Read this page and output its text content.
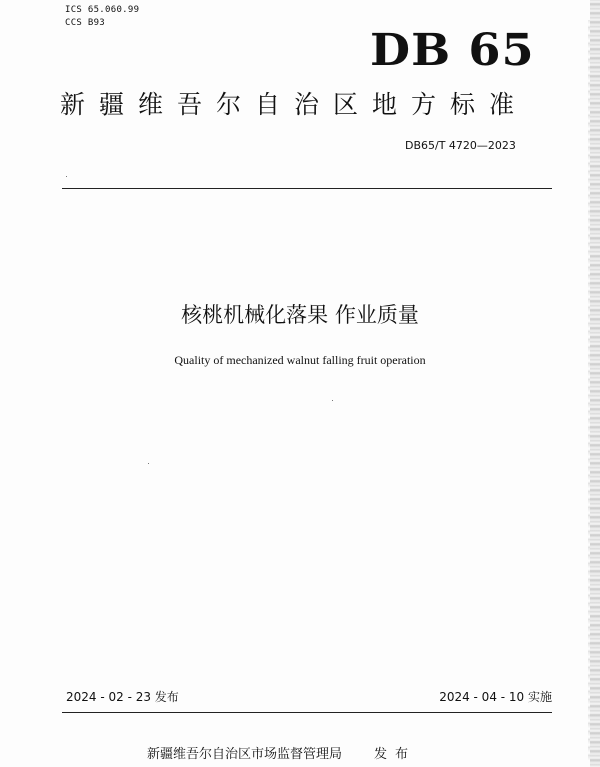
ICS 65.060.99
CCS B93
DB 65
新疆维吾尔自治区地方标准
DB65/T 4720—2023
核桃机械化落果 作业质量
Quality of mechanized walnut falling fruit operation
2024 - 02 - 23 发布	2024 - 04 - 10 实施
新疆维吾尔自治区市场监督管理局 发布
